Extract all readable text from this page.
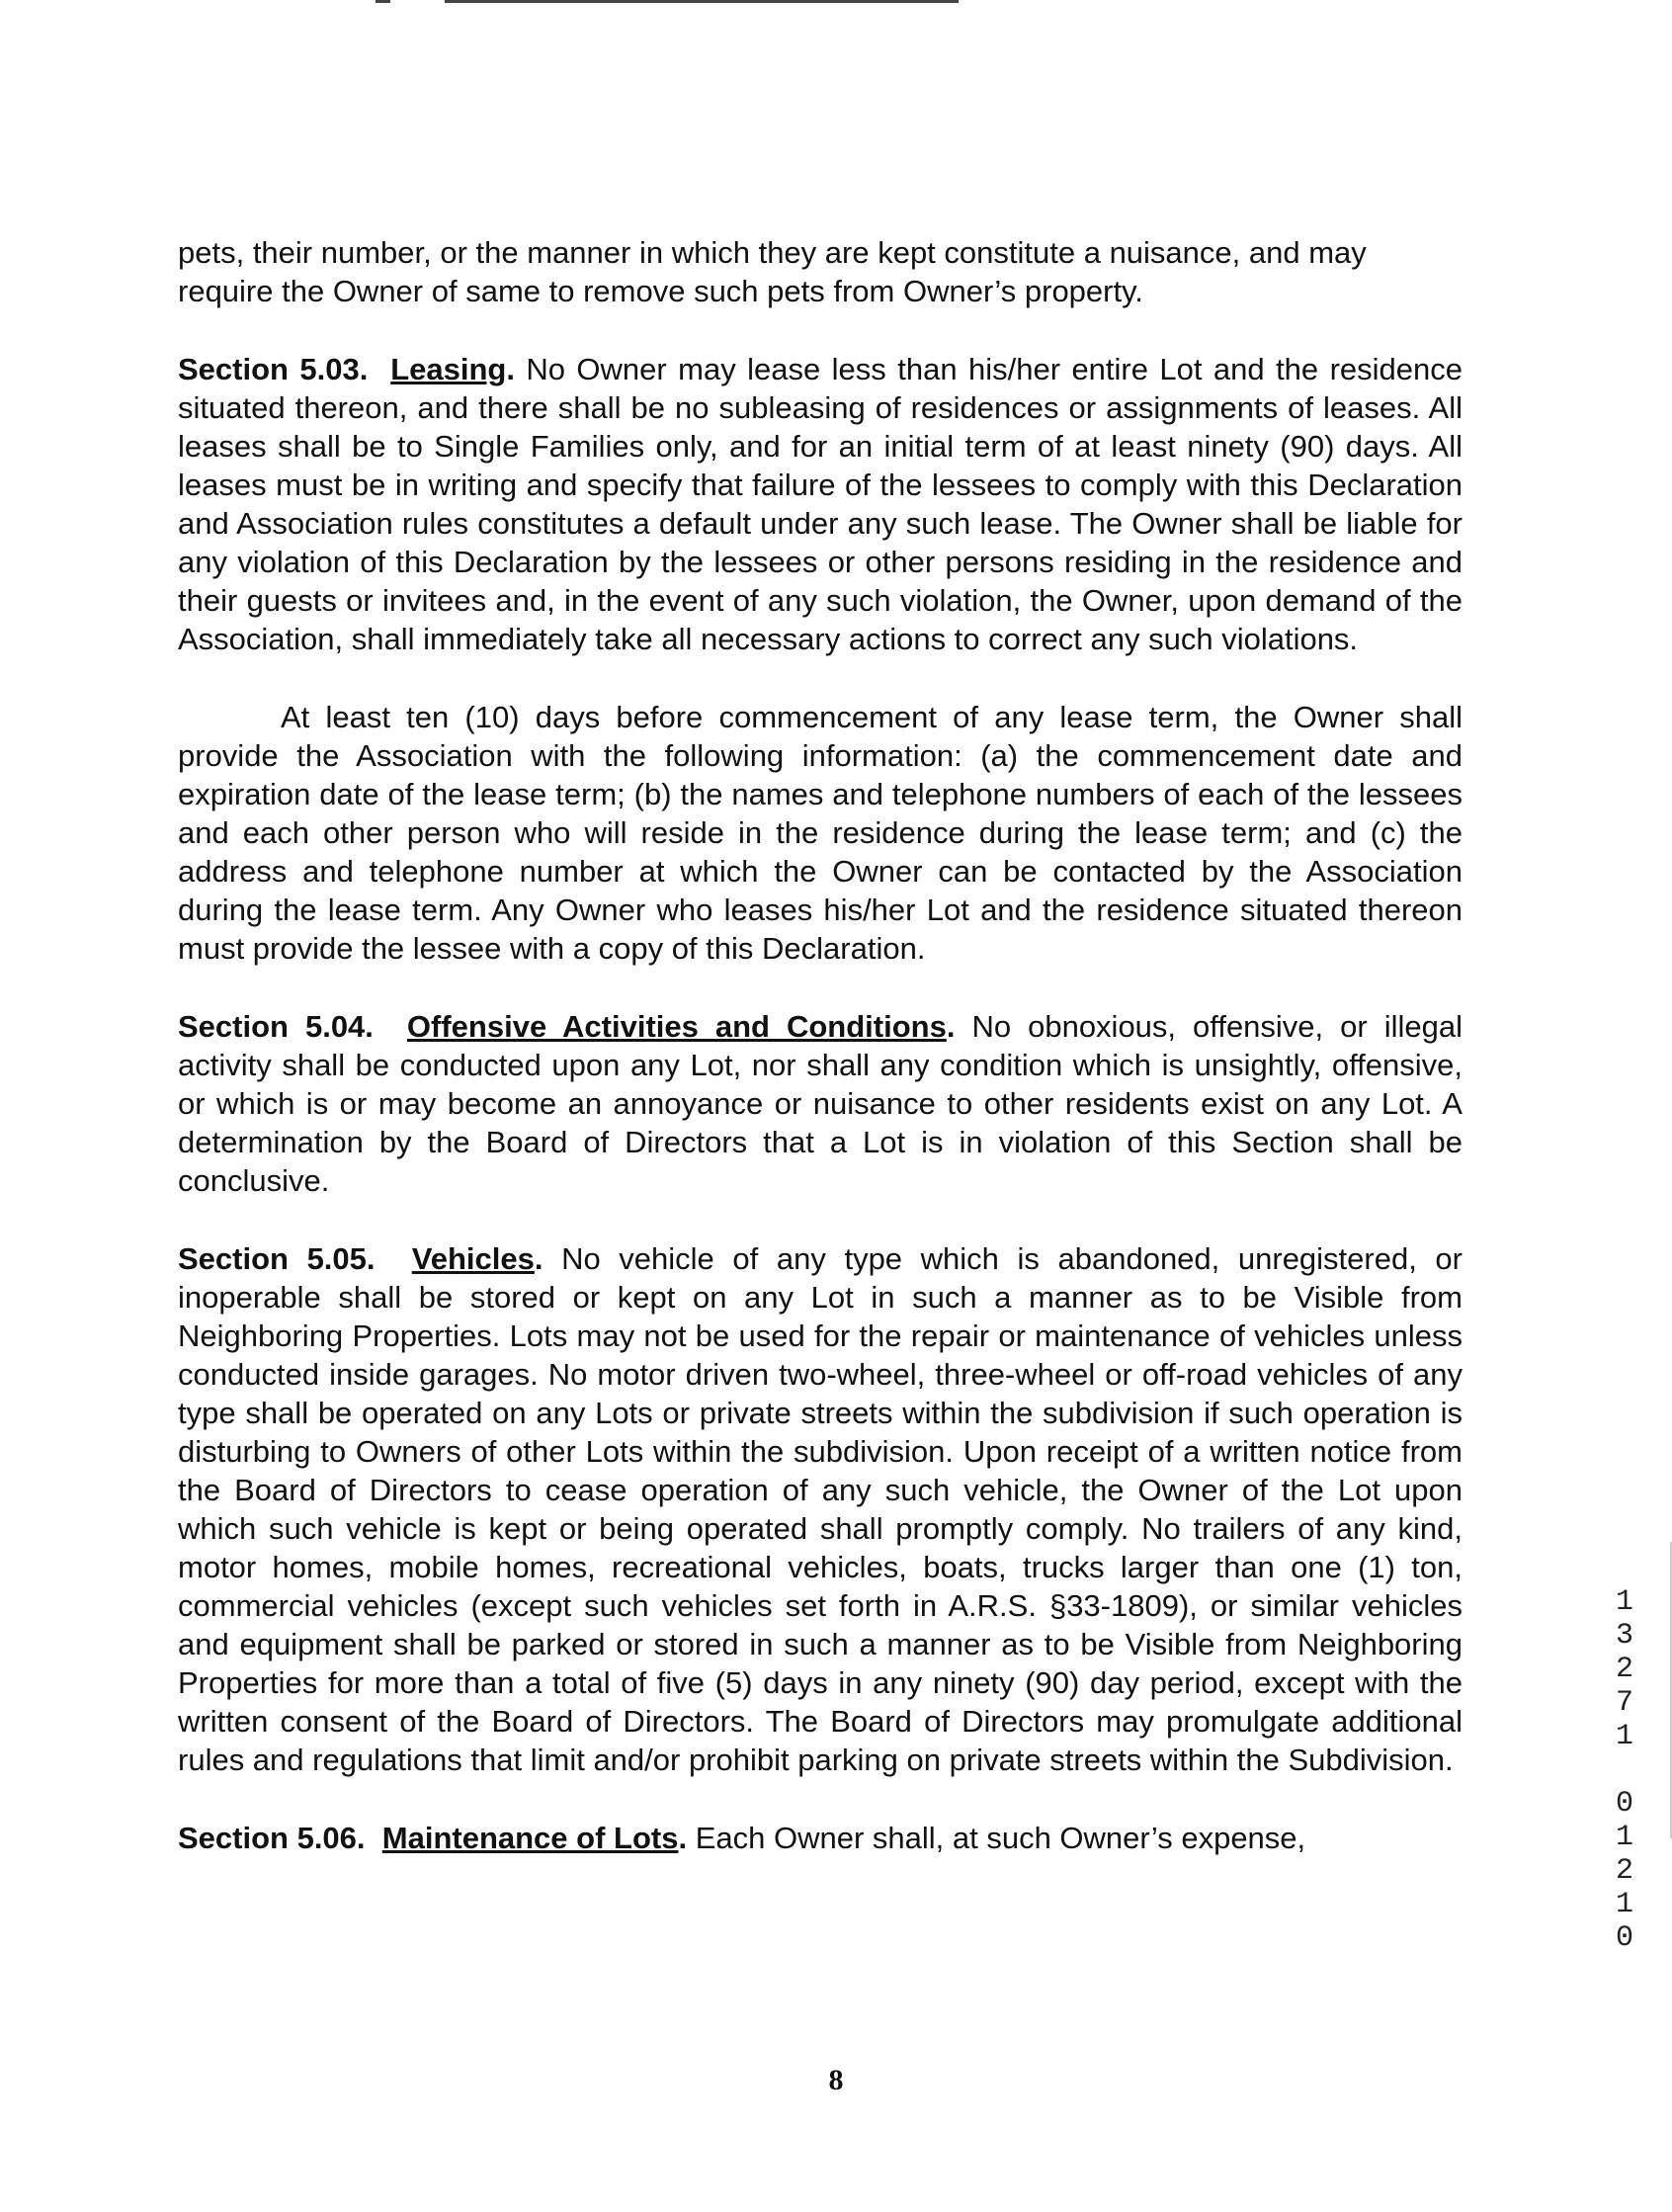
pets, their number, or the manner in which they are kept constitute a nuisance, and may require the Owner of same to remove such pets from Owner’s property.

Section 5.03. Leasing. No Owner may lease less than his/her entire Lot and the residence situated thereon, and there shall be no subleasing of residences or assignments of leases. All leases shall be to Single Families only, and for an initial term of at least ninety (90) days. All leases must be in writing and specify that failure of the lessees to comply with this Declaration and Association rules constitutes a default under any such lease. The Owner shall be liable for any violation of this Declaration by the lessees or other persons residing in the residence and their guests or invitees and, in the event of any such violation, the Owner, upon demand of the Association, shall immediately take all necessary actions to correct any such violations.

At least ten (10) days before commencement of any lease term, the Owner shall provide the Association with the following information: (a) the commencement date and expiration date of the lease term; (b) the names and telephone numbers of each of the lessees and each other person who will reside in the residence during the lease term; and (c) the address and telephone number at which the Owner can be contacted by the Association during the lease term. Any Owner who leases his/her Lot and the residence situated thereon must provide the lessee with a copy of this Declaration.

Section 5.04. Offensive Activities and Conditions. No obnoxious, offensive, or illegal activity shall be conducted upon any Lot, nor shall any condition which is unsightly, offensive, or which is or may become an annoyance or nuisance to other residents exist on any Lot. A determination by the Board of Directors that a Lot is in violation of this Section shall be conclusive.

Section 5.05. Vehicles. No vehicle of any type which is abandoned, unregistered, or inoperable shall be stored or kept on any Lot in such a manner as to be Visible from Neighboring Properties. Lots may not be used for the repair or maintenance of vehicles unless conducted inside garages. No motor driven two-wheel, three-wheel or off-road vehicles of any type shall be operated on any Lots or private streets within the subdivision if such operation is disturbing to Owners of other Lots within the subdivision. Upon receipt of a written notice from the Board of Directors to cease operation of any such vehicle, the Owner of the Lot upon which such vehicle is kept or being operated shall promptly comply. No trailers of any kind, motor homes, mobile homes, recreational vehicles, boats, trucks larger than one (1) ton, commercial vehicles (except such vehicles set forth in A.R.S. §33-1809), or similar vehicles and equipment shall be parked or stored in such a manner as to be Visible from Neighboring Properties for more than a total of five (5) days in any ninety (90) day period, except with the written consent of the Board of Directors. The Board of Directors may promulgate additional rules and regulations that limit and/or prohibit parking on private streets within the Subdivision.

Section 5.06. Maintenance of Lots. Each Owner shall, at such Owner’s expense,

1
3
2
7
1
0
1
2
1
0
8
